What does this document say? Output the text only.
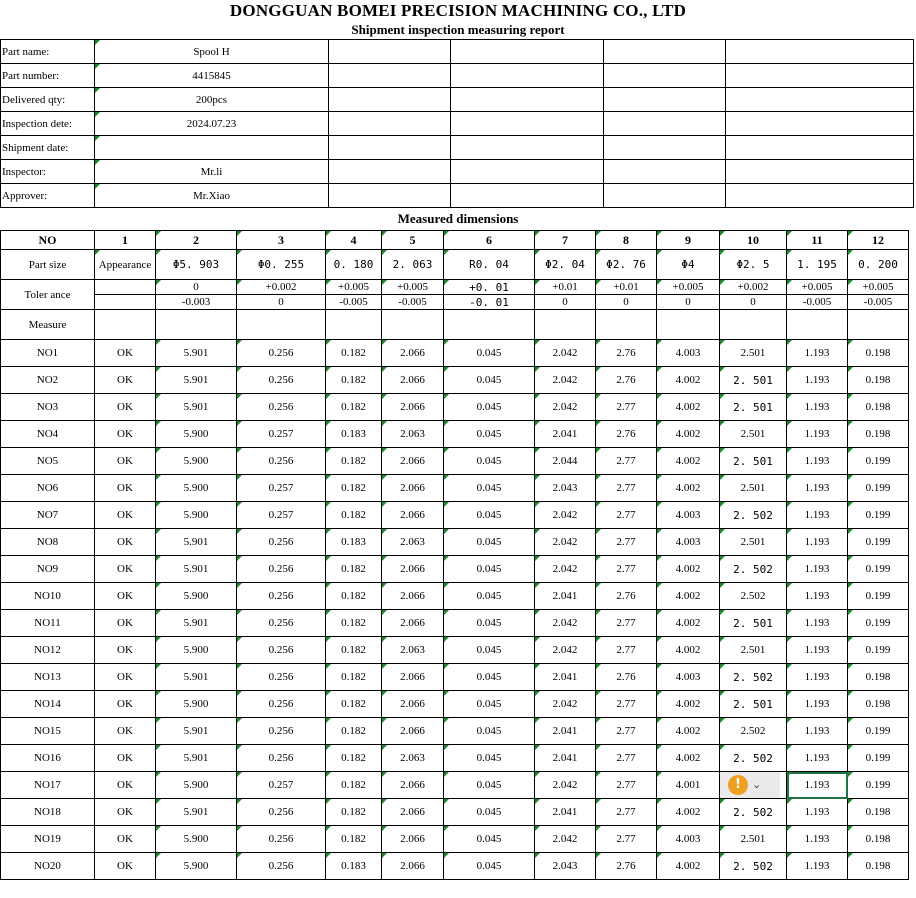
DONGGUAN BOMEI PRECISION MACHINING CO., LTD
Shipment inspection measuring report
Part name:	Spool H				
Part number:	4415845				
Delivered qty:	200pcs				
Inspection dete:	2024.07.23				
Shipment date:					
Inspector:	Mr.li				
Approver:	Mr.Xiao				
Measured dimensions
NO	1	2	3	4	5	6	7	8	9	10	11	12
Part size	Appearance	Φ5. 903	Φ0. 255	0. 180	2. 063	R0. 04	Φ2. 04	Φ2. 76	Φ4	Φ2. 5	1. 195	0. 200
Toler ance		0	+0.002	+0.005	+0.005	+0. 01	+0.01	+0.01	+0.005	+0.002	+0.005	+0.005
		-0.003	0	-0.005	-0.005	-0. 01	0	0	0	0	-0.005	-0.005
Measure												
NO1	OK	5.901	0.256	0.182	2.066	0.045	2.042	2.76	4.003	2.501	1.193	0.198
NO2	OK	5.901	0.256	0.182	2.066	0.045	2.042	2.76	4.002	2. 501	1.193	0.198
NO3	OK	5.901	0.256	0.182	2.066	0.045	2.042	2.77	4.002	2. 501	1.193	0.198
NO4	OK	5.900	0.257	0.183	2.063	0.045	2.041	2.76	4.002	2.501	1.193	0.198
NO5	OK	5.900	0.256	0.182	2.066	0.045	2.044	2.77	4.002	2. 501	1.193	0.199
NO6	OK	5.900	0.257	0.182	2.066	0.045	2.043	2.77	4.002	2.501	1.193	0.199
NO7	OK	5.900	0.257	0.182	2.066	0.045	2.042	2.77	4.003	2. 502	1.193	0.199
NO8	OK	5.901	0.256	0.183	2.063	0.045	2.042	2.77	4.003	2.501	1.193	0.199
NO9	OK	5.901	0.256	0.182	2.066	0.045	2.042	2.77	4.002	2. 502	1.193	0.199
NO10	OK	5.900	0.256	0.182	2.066	0.045	2.041	2.76	4.002	2.502	1.193	0.199
NO11	OK	5.901	0.256	0.182	2.066	0.045	2.042	2.77	4.002	2. 501	1.193	0.199
NO12	OK	5.900	0.256	0.182	2.063	0.045	2.042	2.77	4.002	2.501	1.193	0.199
NO13	OK	5.901	0.256	0.182	2.066	0.045	2.041	2.76	4.003	2. 502	1.193	0.198
NO14	OK	5.900	0.256	0.182	2.066	0.045	2.042	2.77	4.002	2. 501	1.193	0.198
NO15	OK	5.901	0.256	0.182	2.066	0.045	2.041	2.77	4.002	2.502	1.193	0.199
NO16	OK	5.901	0.256	0.182	2.063	0.045	2.041	2.77	4.002	2. 502	1.193	0.199
NO17	OK	5.900	0.257	0.182	2.066	0.045	2.042	2.77	4.001	! ⌄	1.193	0.199
NO18	OK	5.901	0.256	0.182	2.066	0.045	2.041	2.77	4.002	2. 502	1.193	0.198
NO19	OK	5.900	0.256	0.182	2.066	0.045	2.042	2.77	4.003	2.501	1.193	0.198
NO20	OK	5.900	0.256	0.183	2.066	0.045	2.043	2.76	4.002	2. 502	1.193	0.198
